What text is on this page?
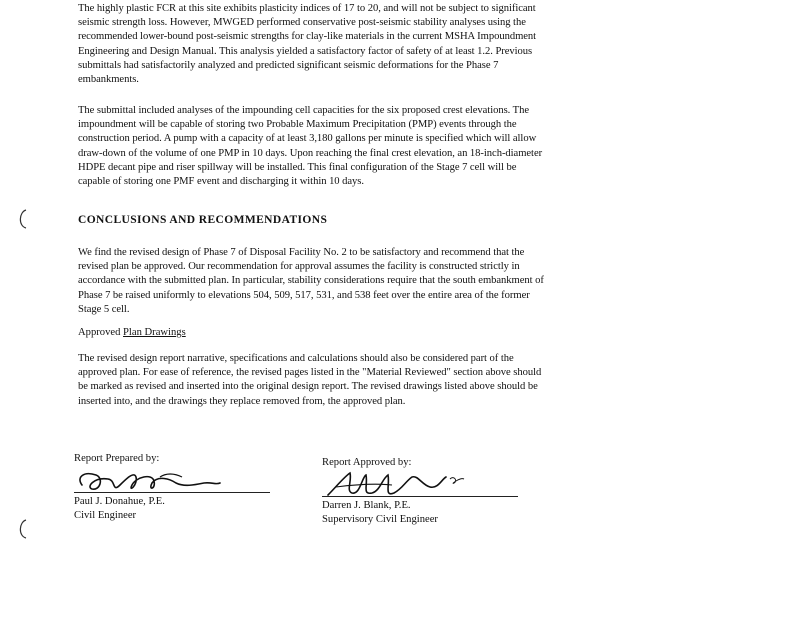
The highly plastic FCR at this site exhibits plasticity indices of 17 to 20, and will not be subject to significant seismic strength loss. However, MWGED performed conservative post-seismic stability analyses using the recommended lower-bound post-seismic strengths for clay-like materials in the current MSHA Impoundment Engineering and Design Manual. This analysis yielded a satisfactory factor of safety of at least 1.2. Previous submittals had satisfactorily analyzed and predicted significant seismic deformations for the Phase 7 embankments.
The submittal included analyses of the impounding cell capacities for the six proposed crest elevations. The impoundment will be capable of storing two Probable Maximum Precipitation (PMP) events through the construction period. A pump with a capacity of at least 3,180 gallons per minute is specified which will allow draw-down of the volume of one PMP in 10 days. Upon reaching the final crest elevation, an 18-inch-diameter HDPE decant pipe and riser spillway will be installed. This final configuration of the Stage 7 cell will be capable of storing one PMF event and discharging it within 10 days.
CONCLUSIONS AND RECOMMENDATIONS
We find the revised design of Phase 7 of Disposal Facility No. 2 to be satisfactory and recommend that the revised plan be approved. Our recommendation for approval assumes the facility is constructed strictly in accordance with the submitted plan. In particular, stability considerations require that the south embankment of Phase 7 be raised uniformly to elevations 504, 509, 517, 531, and 538 feet over the entire area of the former Stage 5 cell.
Approved Plan Drawings
The revised design report narrative, specifications and calculations should also be considered part of the approved plan. For ease of reference, the revised pages listed in the "Material Reviewed" section above should be marked as revised and inserted into the original design report. The revised drawings listed above should be inserted into, and the drawings they replace removed from, the approved plan.
Report Prepared by:
Paul J. Donahue, P.E.
Civil Engineer
Report Approved by:
Darren J. Blank, P.E.
Supervisory Civil Engineer
